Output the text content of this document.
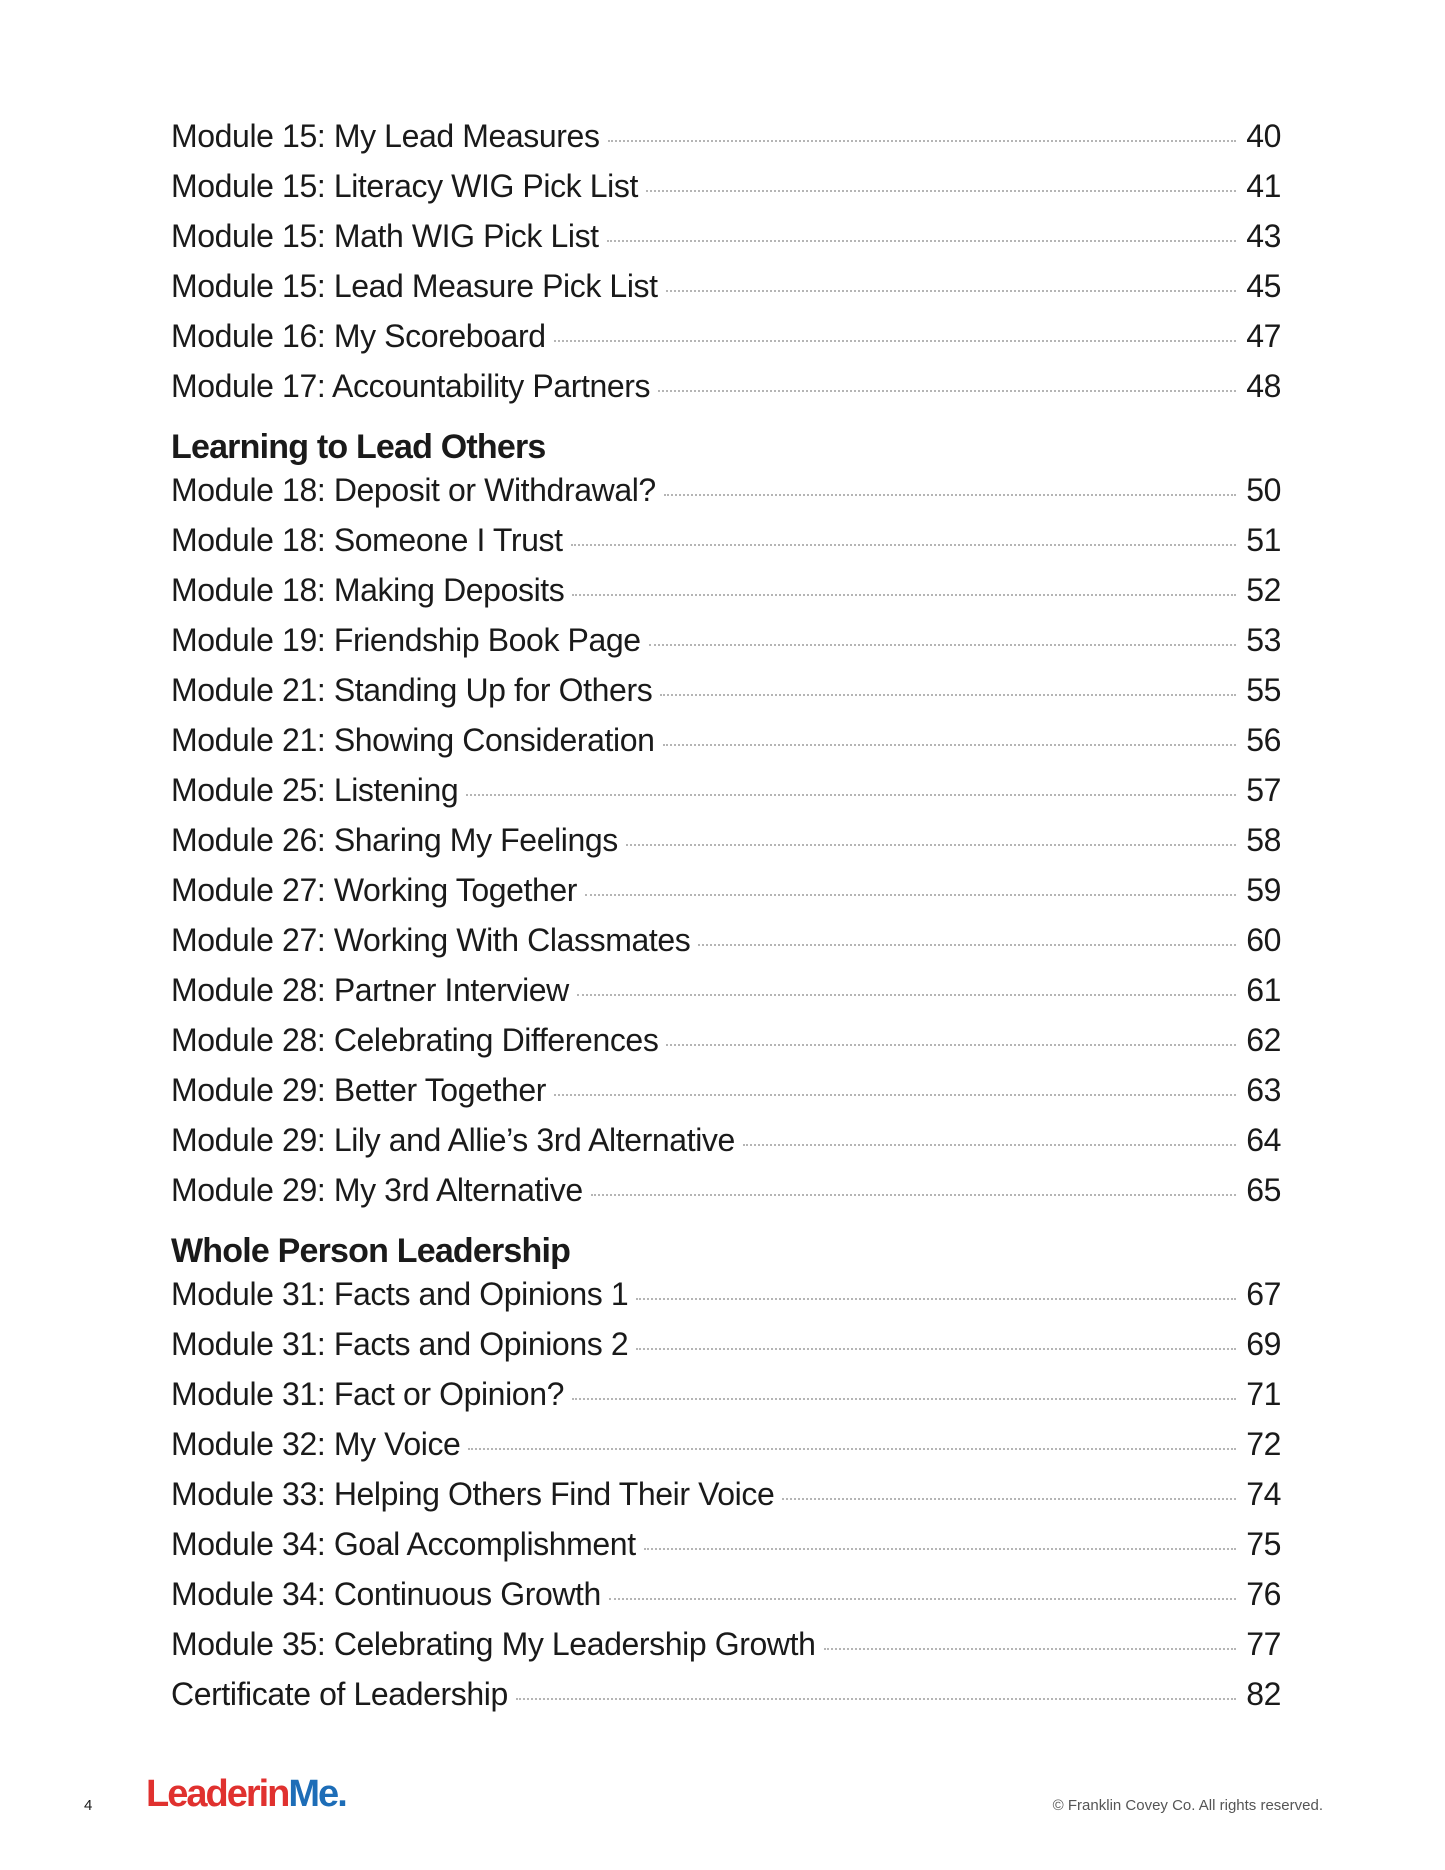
Module 15: My Lead Measures	40
Module 15: Literacy WIG Pick List	41
Module 15: Math WIG Pick List	43
Module 15: Lead Measure Pick List	45
Module 16: My Scoreboard	47
Module 17: Accountability Partners	48
Learning to Lead Others
Module 18: Deposit or Withdrawal?	50
Module 18: Someone I Trust	51
Module 18: Making Deposits	52
Module 19: Friendship Book Page	53
Module 21: Standing Up for Others	55
Module 21: Showing Consideration	56
Module 25: Listening	57
Module 26: Sharing My Feelings	58
Module 27: Working Together	59
Module 27: Working With Classmates	60
Module 28: Partner Interview	61
Module 28: Celebrating Differences	62
Module 29: Better Together	63
Module 29: Lily and Allie’s 3rd Alternative	64
Module 29: My 3rd Alternative	65
Whole Person Leadership
Module 31: Facts and Opinions 1	67
Module 31: Facts and Opinions 2	69
Module 31: Fact or Opinion?	71
Module 32: My Voice	72
Module 33: Helping Others Find Their Voice	74
Module 34: Goal Accomplishment	75
Module 34: Continuous Growth	76
Module 35: Celebrating My Leadership Growth	77
Certificate of Leadership	82
4 LeaderinMe.	© Franklin Covey Co. All rights reserved.
